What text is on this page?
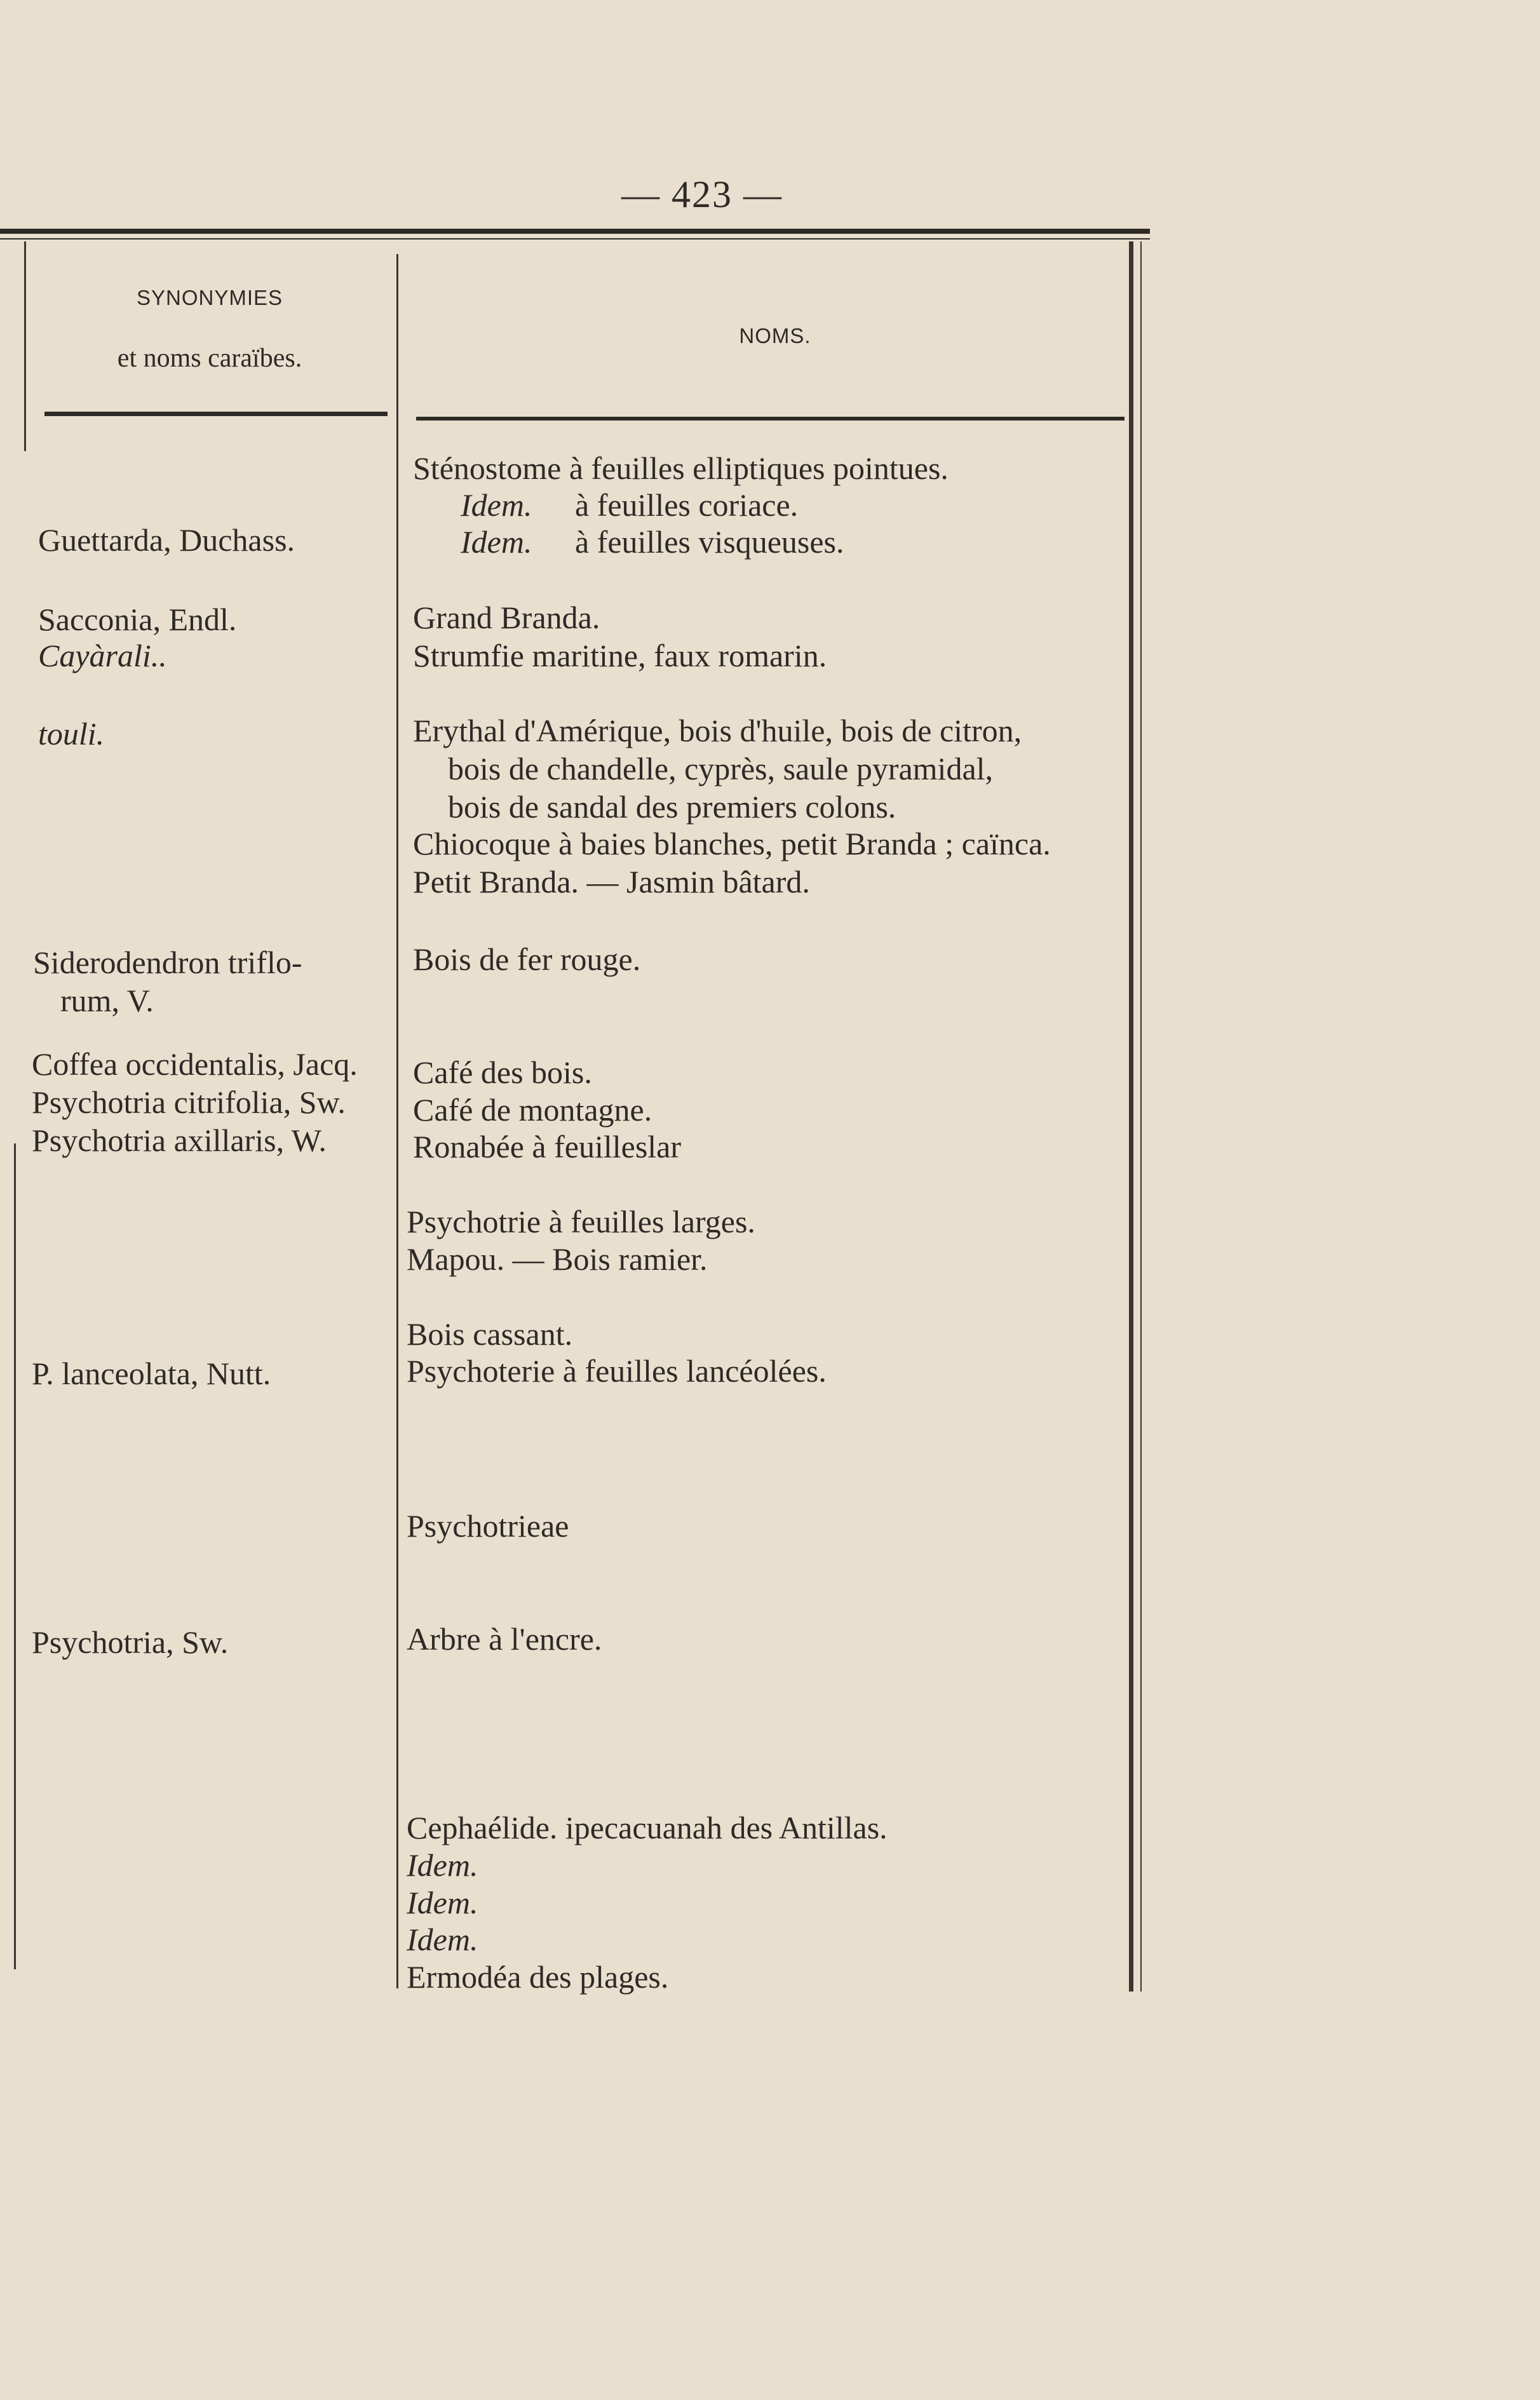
— 423 —
SYNONYMIES
et noms caraïbes.
NOMS.
Guettarda, Duchass.
Sacconia, Endl.
Cayàrali..
touli.
Siderodendron triflo-
rum, V.
Coffea occidentalis, Jacq.
Psychotria citrifolia, Sw.
Psychotria axillaris, W.
P. lanceolata, Nutt.
Psychotria, Sw.
Sténostome à feuilles elliptiques pointues.
Idem. à feuilles coriace.
Idem. à feuilles visqueuses.
Grand Branda.
Strumfie maritine, faux romarin.
Erythal d'Amérique, bois d'huile, bois de citron,
bois de chandelle, cyprès, saule pyramidal,
bois de sandal des premiers colons.
Chiocoque à baies blanches, petit Branda ; caïnca.
Petit Branda. — Jasmin bâtard.
Bois de fer rouge.
Café des bois.
Café de montagne.
Ronabée à feuilleslar
Psychotrie à feuilles larges.
Mapou. — Bois ramier.
Bois cassant.
Psychoterie à feuilles lancéolées.
Psychotrieae
Arbre à l'encre.
Cephaélide. ipecacuanah des Antillas.
Idem.
Idem.
Idem.
Ermodéa des plages.
